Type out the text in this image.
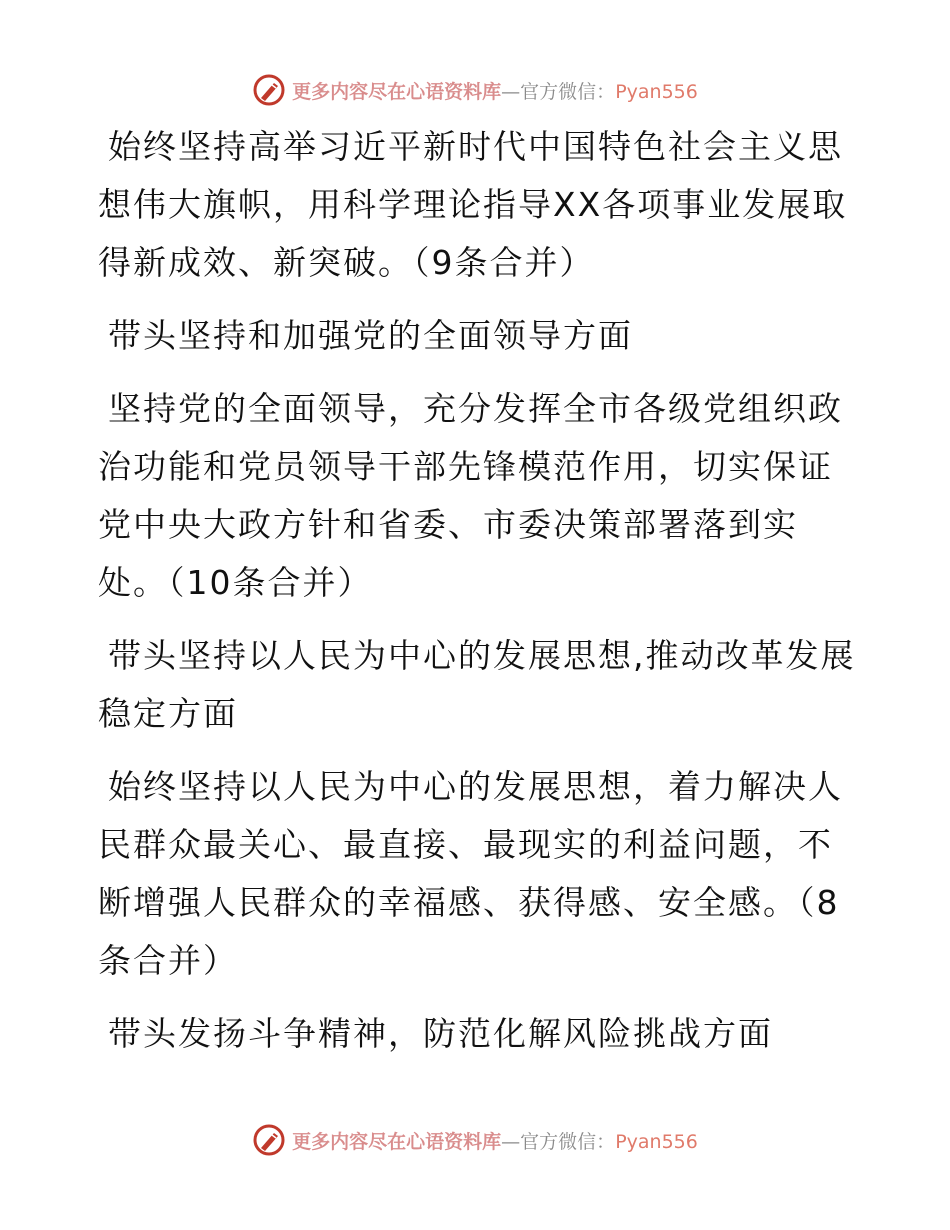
更多内容尽在心语资料库—官方微信：Pyan556

始终坚持高举习近平新时代中国特色社会主义思想伟大旗帜，用科学理论指导XX各项事业发展取得新成效、新突破。（9条合并）

带头坚持和加强党的全面领导方面

坚持党的全面领导，充分发挥全市各级党组织政治功能和党员领导干部先锋模范作用，切实保证党中央大政方针和省委、市委决策部署落到实处。（10条合并）

带头坚持以人民为中心的发展思想,推动改革发展稳定方面

始终坚持以人民为中心的发展思想，着力解决人民群众最关心、最直接、最现实的利益问题，不断增强人民群众的幸福感、获得感、安全感。（8条合并）

带头发扬斗争精神，防范化解风险挑战方面

更多内容尽在心语资料库—官方微信：Pyan556
